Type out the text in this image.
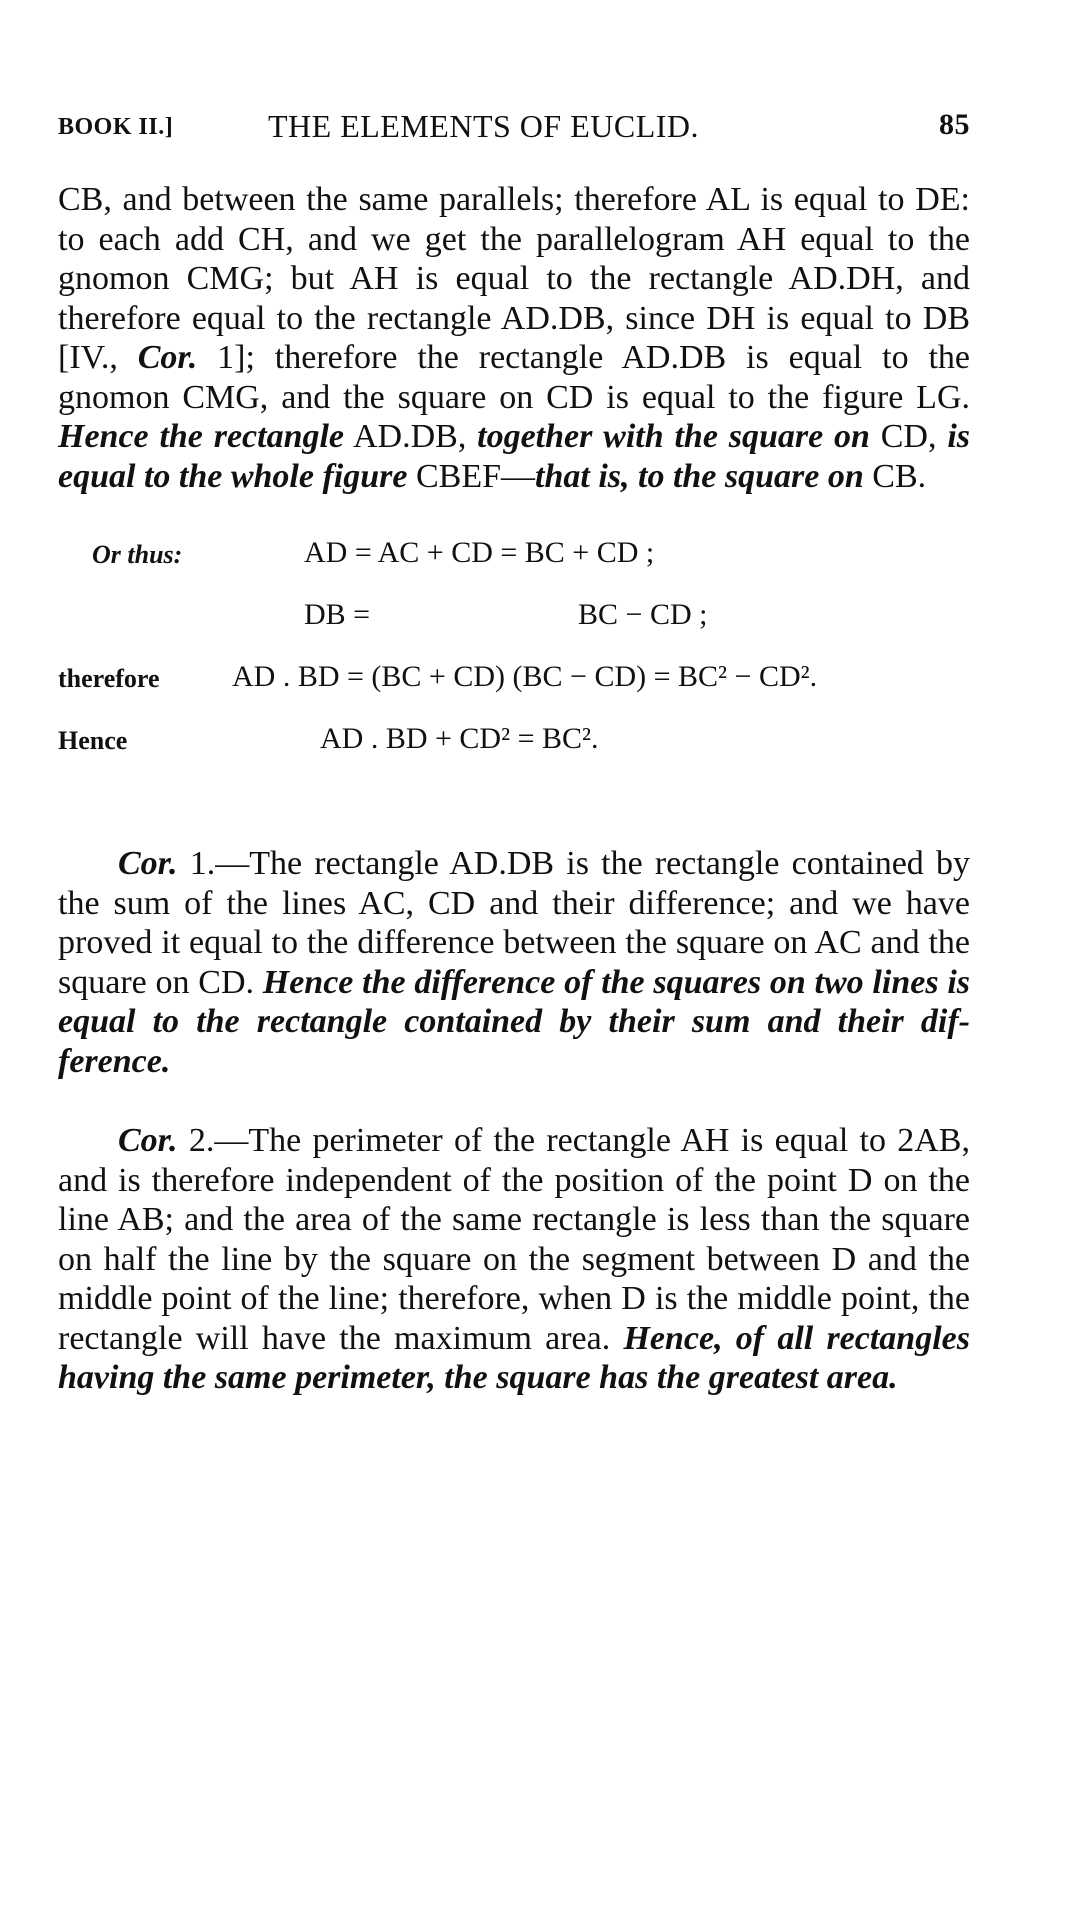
BOOK II.]	THE ELEMENTS OF EUCLID.	85

CB, and between the same parallels; therefore AL is equal to DE: to each add CH, and we get the parallelogram AH equal to the gnomon CMG; but AH is equal to the rectangle AD.DH, and therefore equal to the rectangle AD.DB, since DH is equal to DB [IV., Cor. 1]; therefore the rectangle AD.DB is equal to the gnomon CMG, and the square on CD is equal to the figure LG. Hence the rectangle AD.DB, together with the square on CD, is equal to the whole figure CBEF—that is, to the square on CB.

Or thus:	AD = AC + CD = BC + CD ;
DB =	BC − CD ;
therefore AD . BD = (BC + CD) (BC − CD) = BC² − CD².
Hence	AD . BD + CD² = BC².

Cor. 1.—The rectangle AD.DB is the rectangle contained by the sum of the lines AC, CD and their difference; and we have proved it equal to the difference between the square on AC and the square on CD. Hence the difference of the squares on two lines is equal to the rectangle contained by their sum and their difference.

Cor. 2.—The perimeter of the rectangle AH is equal to 2AB, and is therefore independent of the position of the point D on the line AB; and the area of the same rectangle is less than the square on half the line by the square on the segment between D and the middle point of the line; therefore, when D is the middle point, the rectangle will have the maximum area. Hence, of all rectangles having the same perimeter, the square has the greatest area.
